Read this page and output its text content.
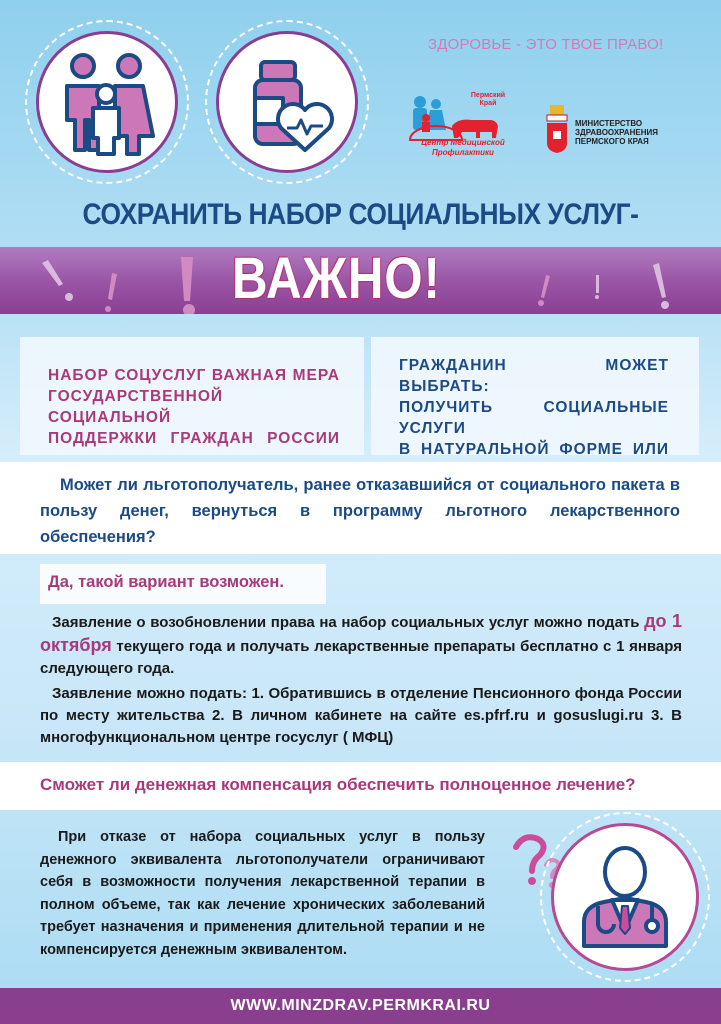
ЗДОРОВЬЕ - ЭТО ТВОЕ ПРАВО!
Пермский
Край
Центр Медицинской
Профилактики
МИНИСТЕРСТВО
ЗДРАВООХРАНЕНИЯ
ПЕРМСКОГО КРАЯ
СОХРАНИТЬ НАБОР СОЦИАЛЬНЫХ УСЛУГ-
ВАЖНО!
НАБОР СОЦУСЛУГ ВАЖНАЯ МЕРА
ГОСУДАРСТВЕННОЙ СОЦИАЛЬНОЙ
ПОДДЕРЖКИ ГРАЖДАН РОССИИ
ГРАЖДАНИН МОЖЕТ ВЫБРАТЬ:
ПОЛУЧИТЬ СОЦИАЛЬНЫЕ УСЛУГИ
В НАТУРАЛЬНОЙ ФОРМЕ ИЛИ
Может ли льготополучатель, ранее отказавшийся от социального пакета в пользу денег, вернуться в программу льготного лекарственного обеспечения?
Да, такой вариант возможен.
Заявление о возобновлении права на набор социальных услуг можно подать до 1 октября текущего года и получать лекарственные препараты бесплатно с 1 января следующего года.
Заявление можно подать: 1. Обратившись в отделение Пенсионного фонда России по месту жительства 2. В личном кабинете на сайте es.pfrf.ru и gosuslugi.ru 3. В многофункциональном центре госуслуг ( МФЦ)
Сможет ли денежная компенсация обеспечить полноценное лечение?
При отказе от набора социальных услуг в пользу денежного эквивалента льготополучатели ограничивают себя в возможности получения лекарственной терапии в полном объеме, так как лечение хронических заболеваний требует назначения и применения длительной терапии и не компенсируется денежным эквивалентом.
WWW.MINZDRAV.PERMKRAI.RU
